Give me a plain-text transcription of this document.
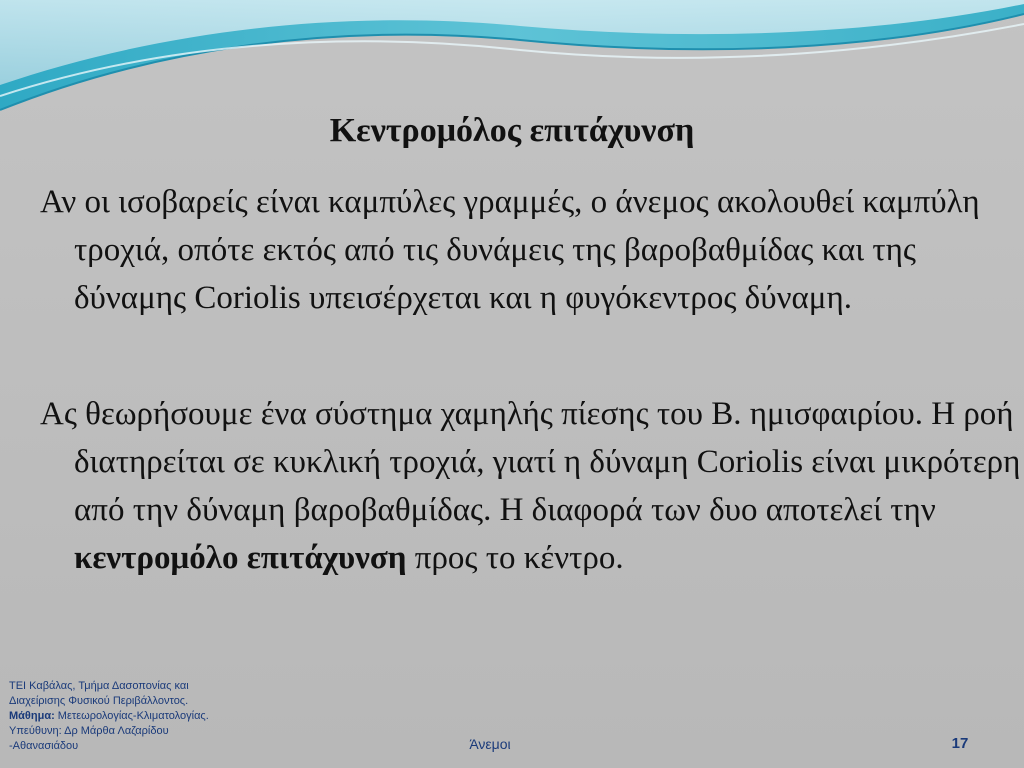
Κεντρομόλος επιτάχυνση

Αν οι ισοβαρείς είναι καμπύλες γραμμές, ο άνεμος ακολουθεί καμπύλη τροχιά, οπότε εκτός από τις δυνάμεις της βαροβαθμίδας και της δύναμης Coriolis υπεισέρχεται και η φυγόκεντρος δύναμη.

Ας θεωρήσουμε ένα σύστημα χαμηλής πίεσης του Β. ημισφαιρίου. Η ροή διατηρείται σε κυκλική τροχιά, γιατί η δύναμη Coriolis είναι μικρότερη από την δύναμη βαροβαθμίδας. Η διαφορά των δυο αποτελεί την κεντρομόλο επιτάχυνση προς το κέντρο.

ΤΕΙ Καβάλας, Τμήμα Δασοπονίας και
Διαχείρισης Φυσικού Περιβάλλοντος.
Μάθημα: Μετεωρολογίας-Κλιματολογίας.
Υπεύθυνη: Δρ Μάρθα Λαζαρίδου
-Αθανασιάδου	Άνεμοι	17
